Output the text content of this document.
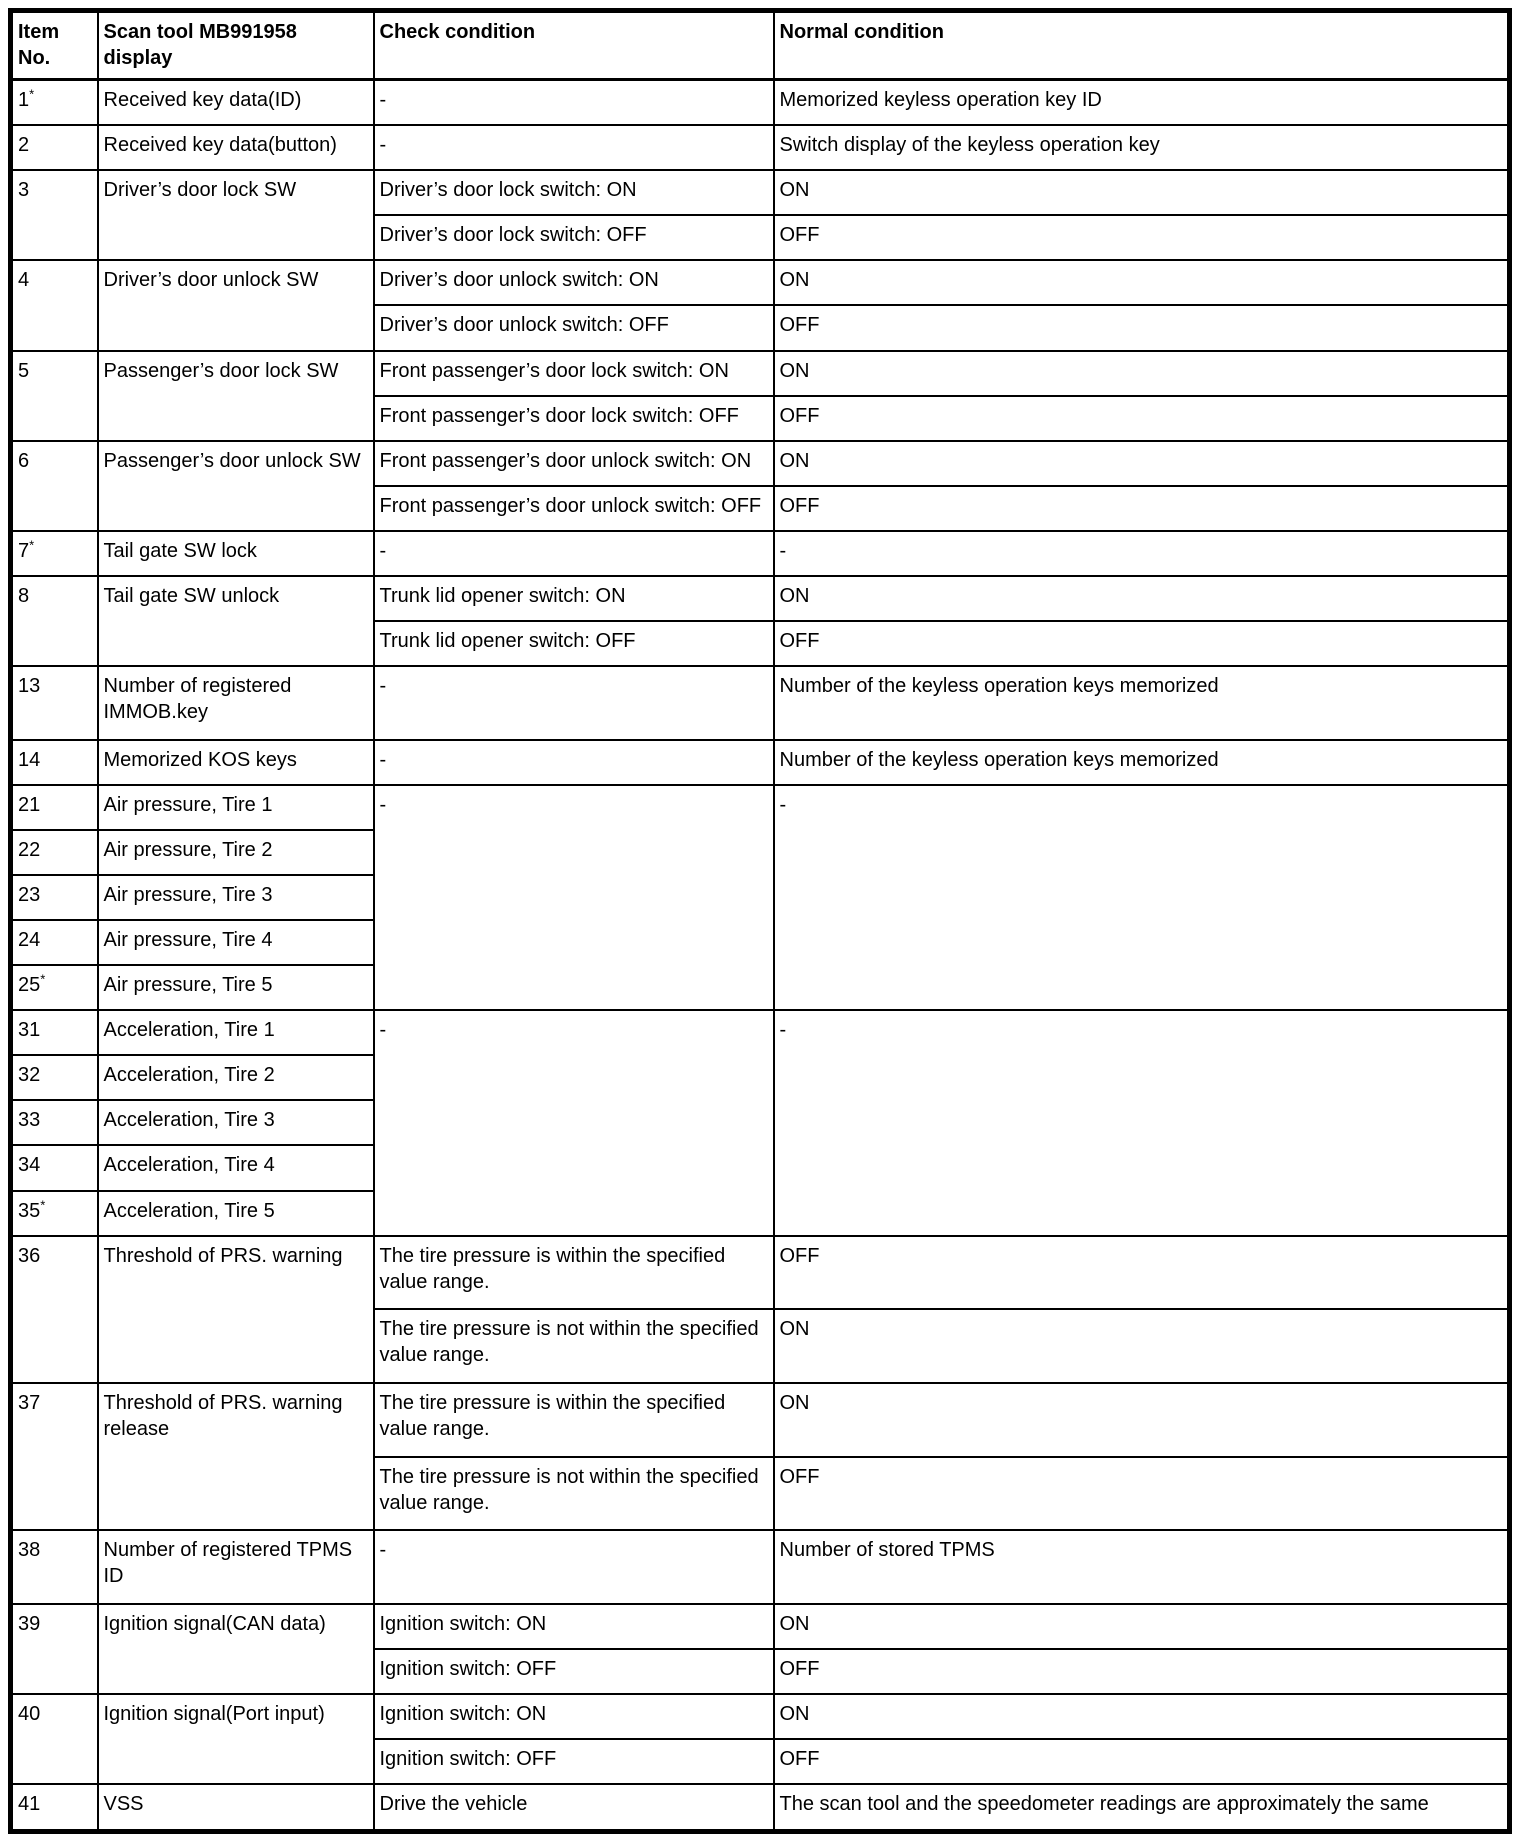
Item No.	Scan tool MB991958 display	Check condition	Normal condition
1*	Received key data(ID)	-	Memorized keyless operation key ID
2	Received key data(button)	-	Switch display of the keyless operation key
3	Driver’s door lock SW	Driver’s door lock switch: ON	ON
		Driver’s door lock switch: OFF	OFF
4	Driver’s door unlock SW	Driver’s door unlock switch: ON	ON
		Driver’s door unlock switch: OFF	OFF
5	Passenger’s door lock SW	Front passenger’s door lock switch: ON	ON
		Front passenger’s door lock switch: OFF	OFF
6	Passenger’s door unlock SW	Front passenger’s door unlock switch: ON	ON
		Front passenger’s door unlock switch: OFF	OFF
7*	Tail gate SW lock	-	-
8	Tail gate SW unlock	Trunk lid opener switch: ON	ON
		Trunk lid opener switch: OFF	OFF
13	Number of registered IMMOB.key	-	Number of the keyless operation keys memorized
14	Memorized KOS keys	-	Number of the keyless operation keys memorized
21	Air pressure, Tire 1	-	-
22	Air pressure, Tire 2		
23	Air pressure, Tire 3		
24	Air pressure, Tire 4		
25*	Air pressure, Tire 5		
31	Acceleration, Tire 1	-	-
32	Acceleration, Tire 2		
33	Acceleration, Tire 3		
34	Acceleration, Tire 4		
35*	Acceleration, Tire 5		
36	Threshold of PRS. warning	The tire pressure is within the specified value range.	OFF
		The tire pressure is not within the specified value range.	ON
37	Threshold of PRS. warning release	The tire pressure is within the specified value range.	ON
		The tire pressure is not within the specified value range.	OFF
38	Number of registered TPMS ID	-	Number of stored TPMS
39	Ignition signal(CAN data)	Ignition switch: ON	ON
		Ignition switch: OFF	OFF
40	Ignition signal(Port input)	Ignition switch: ON	ON
		Ignition switch: OFF	OFF
41	VSS	Drive the vehicle	The scan tool and the speedometer readings are approximately the same
